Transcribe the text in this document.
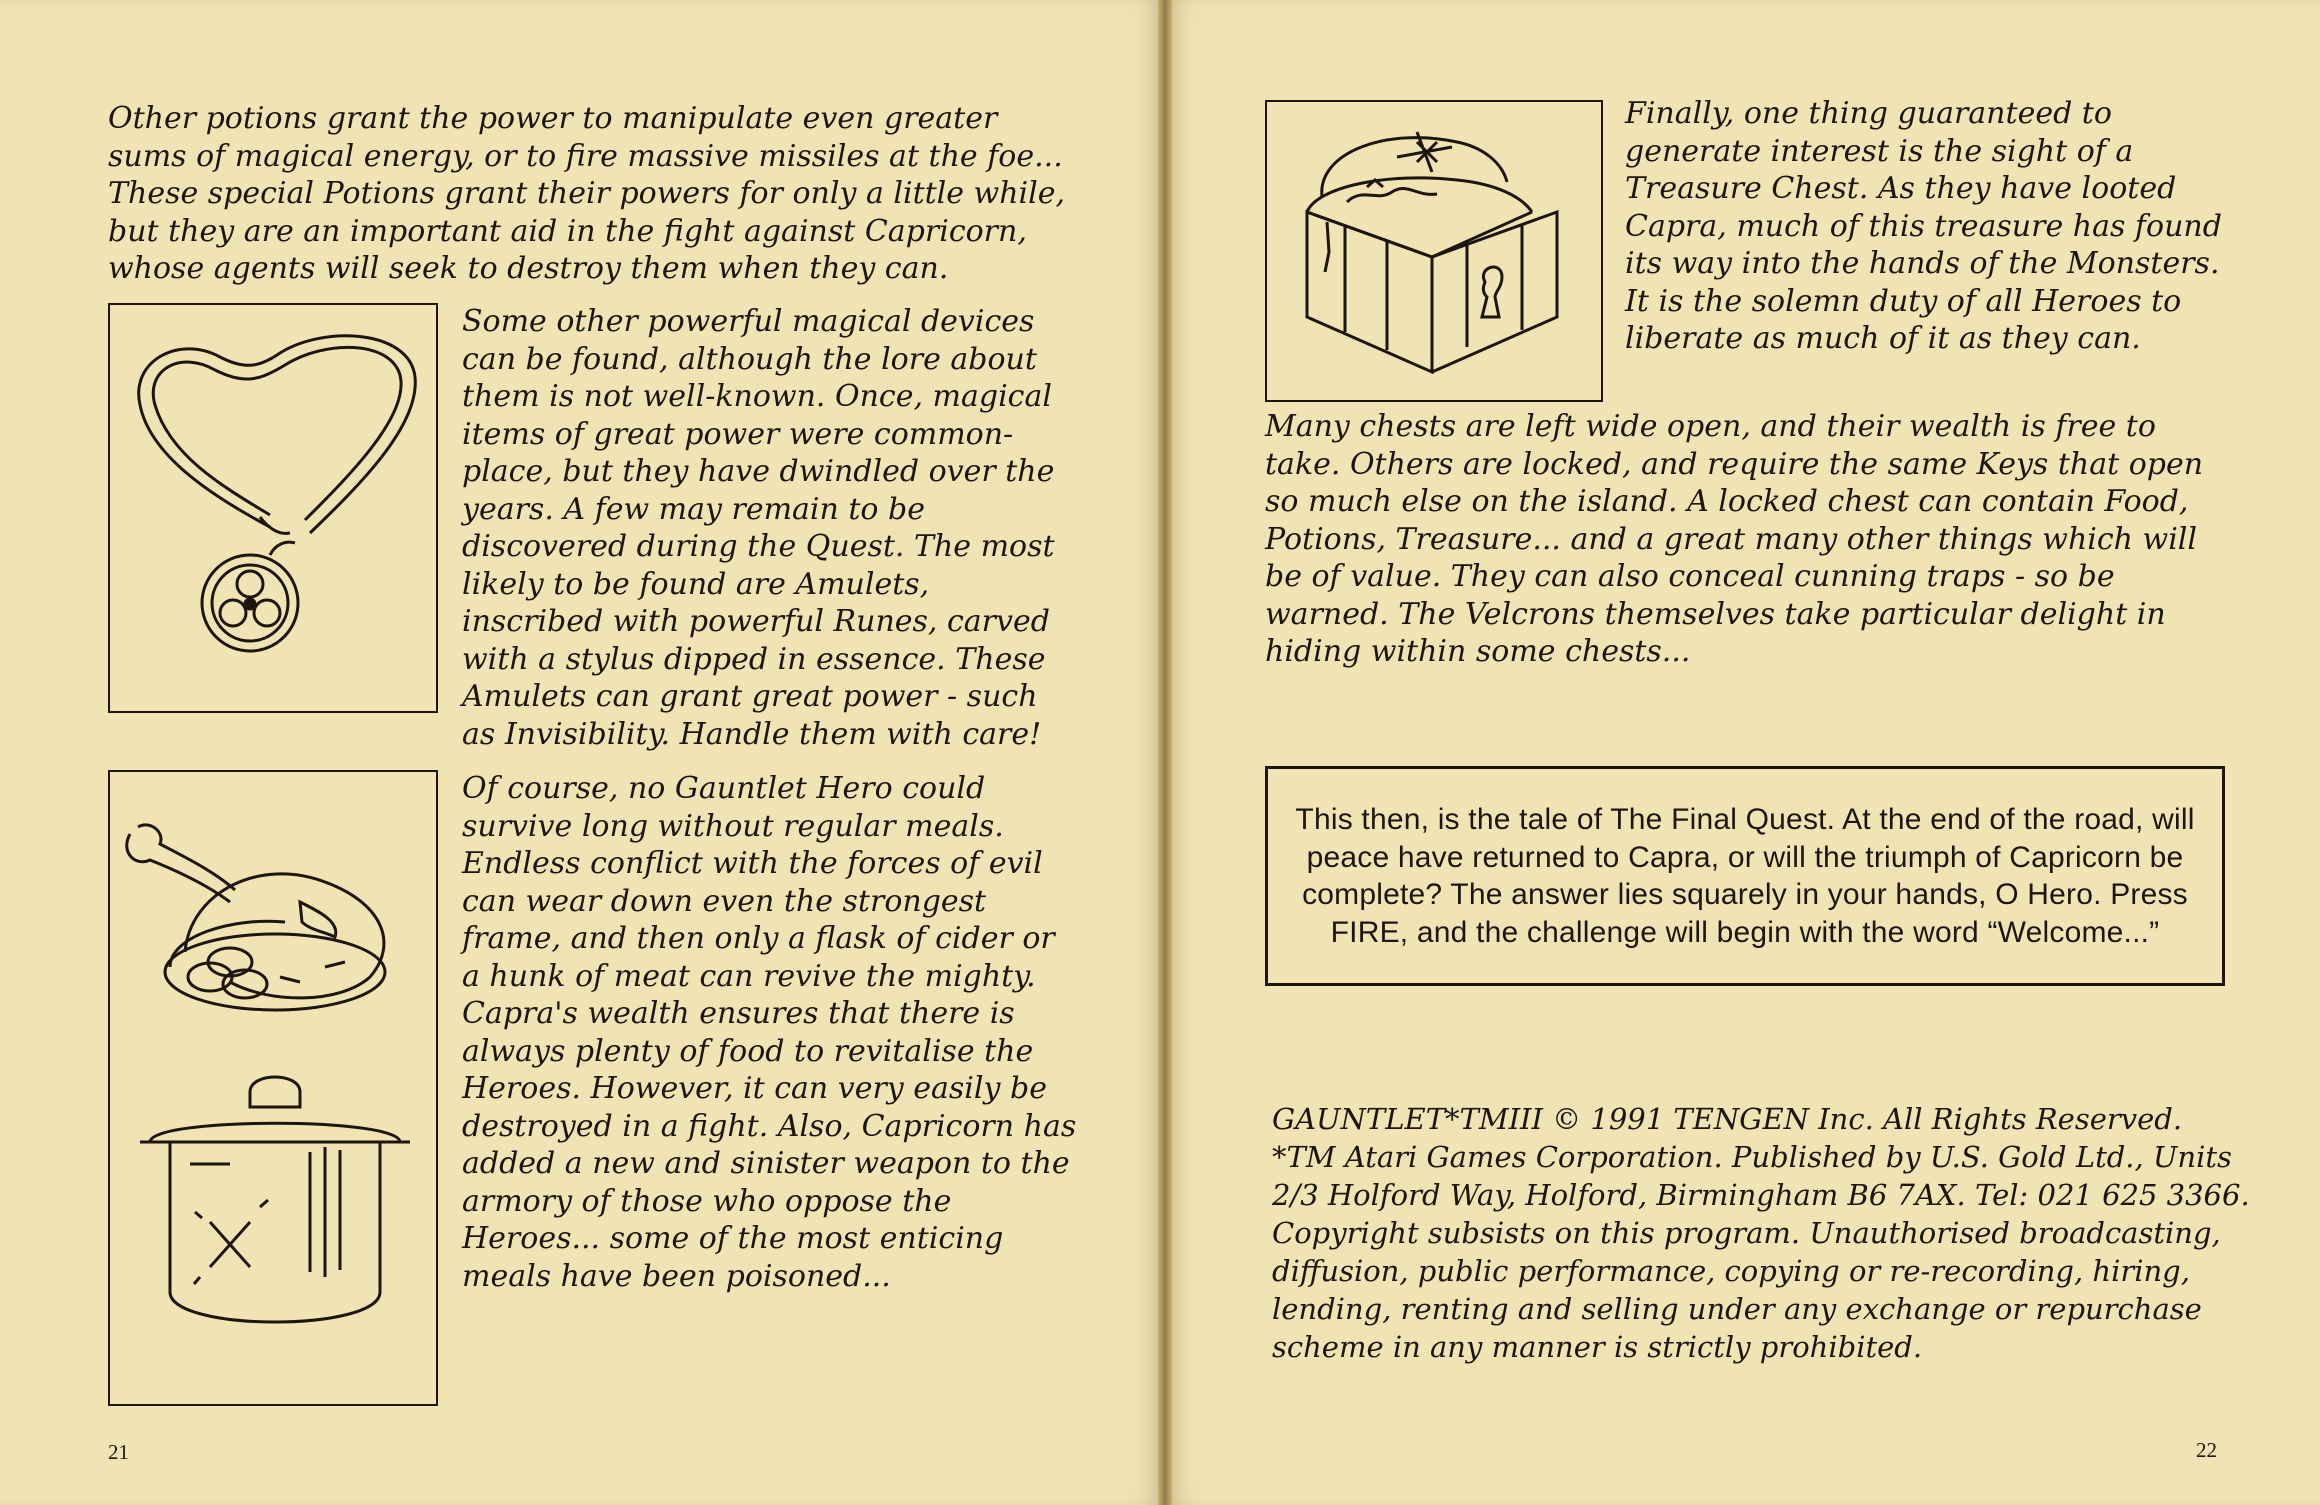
Other potions grant the power to manipulate even greater sums of magical energy, or to fire massive missiles at the foe... These special Potions grant their powers for only a little while, but they are an important aid in the fight against Capricorn, whose agents will seek to destroy them when they can.
Some other powerful magical devices can be found, although the lore about them is not well-known. Once, magical items of great power were common-place, but they have dwindled over the years. A few may remain to be discovered during the Quest. The most likely to be found are Amulets, inscribed with powerful Runes, carved with a stylus dipped in essence. These Amulets can grant great power - such as Invisibility. Handle them with care!
Of course, no Gauntlet Hero could survive long without regular meals. Endless conflict with the forces of evil can wear down even the strongest frame, and then only a flask of cider or a hunk of meat can revive the mighty. Capra's wealth ensures that there is always plenty of food to revitalise the Heroes. However, it can very easily be destroyed in a fight. Also, Capricorn has added a new and sinister weapon to the armory of those who oppose the Heroes... some of the most enticing meals have been poisoned...
21
Finally, one thing guaranteed to generate interest is the sight of a Treasure Chest. As they have looted Capra, much of this treasure has found its way into the hands of the Monsters. It is the solemn duty of all Heroes to liberate as much of it as they can.
Many chests are left wide open, and their wealth is free to take. Others are locked, and require the same Keys that open so much else on the island. A locked chest can contain Food, Potions, Treasure... and a great many other things which will be of value. They can also conceal cunning traps - so be warned. The Velcrons themselves take particular delight in hiding within some chests...

This then, is the tale of The Final Quest. At the end of the road, will peace have returned to Capra, or will the triumph of Capricorn be complete? The answer lies squarely in your hands, O Hero. Press FIRE, and the challenge will begin with the word “Welcome...”

GAUNTLET*TMIII © 1991 TENGEN Inc. All Rights Reserved. *TM Atari Games Corporation. Published by U.S. Gold Ltd., Units 2/3 Holford Way, Holford, Birmingham B6 7AX. Tel: 021 625 3366. Copyright subsists on this program. Unauthorised broadcasting, diffusion, public performance, copying or re-recording, hiring, lending, renting and selling under any exchange or repurchase scheme in any manner is strictly prohibited.
22
